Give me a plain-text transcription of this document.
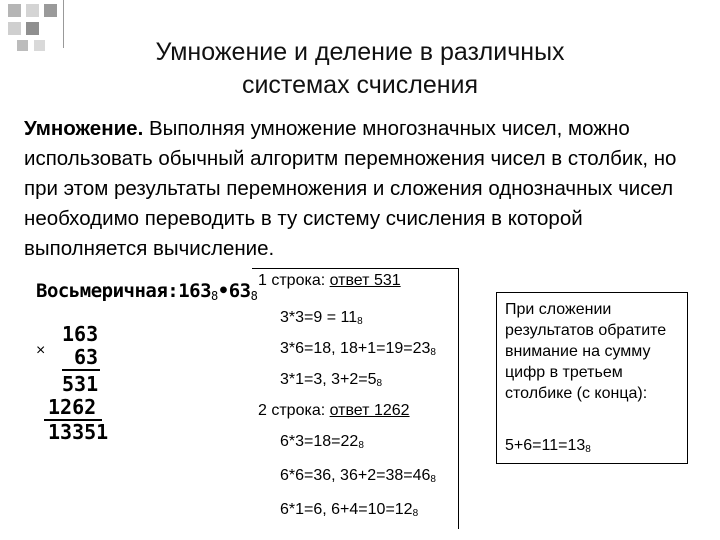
Умножение и деление в различных
системах счисления
Умножение. Выполняя умножение многозначных чисел, можно использовать обычный алгоритм перемножения чисел в столбик, но при этом результаты перемножения и сложения однозначных чисел необходимо переводить в ту систему счисления в которой выполняется вычисление.
$Восьмеричная:163_8•63_8$
×
163
63
531
1262
13351
1 строка: ответ 531
$3*3=9 = 11_8$
3*6=18, $18+1=19=23_8$
3*1=3, $3+2=5_8$
2 строка: ответ 1262
$6*3=18=22_8$
6*6=36, $36+2=38=46_8$
6*1=6, $6+4=10=12_8$
При сложении результатов обратите внимание на сумму цифр в третьем столбике (с конца):
$5+6=11=13_8$
